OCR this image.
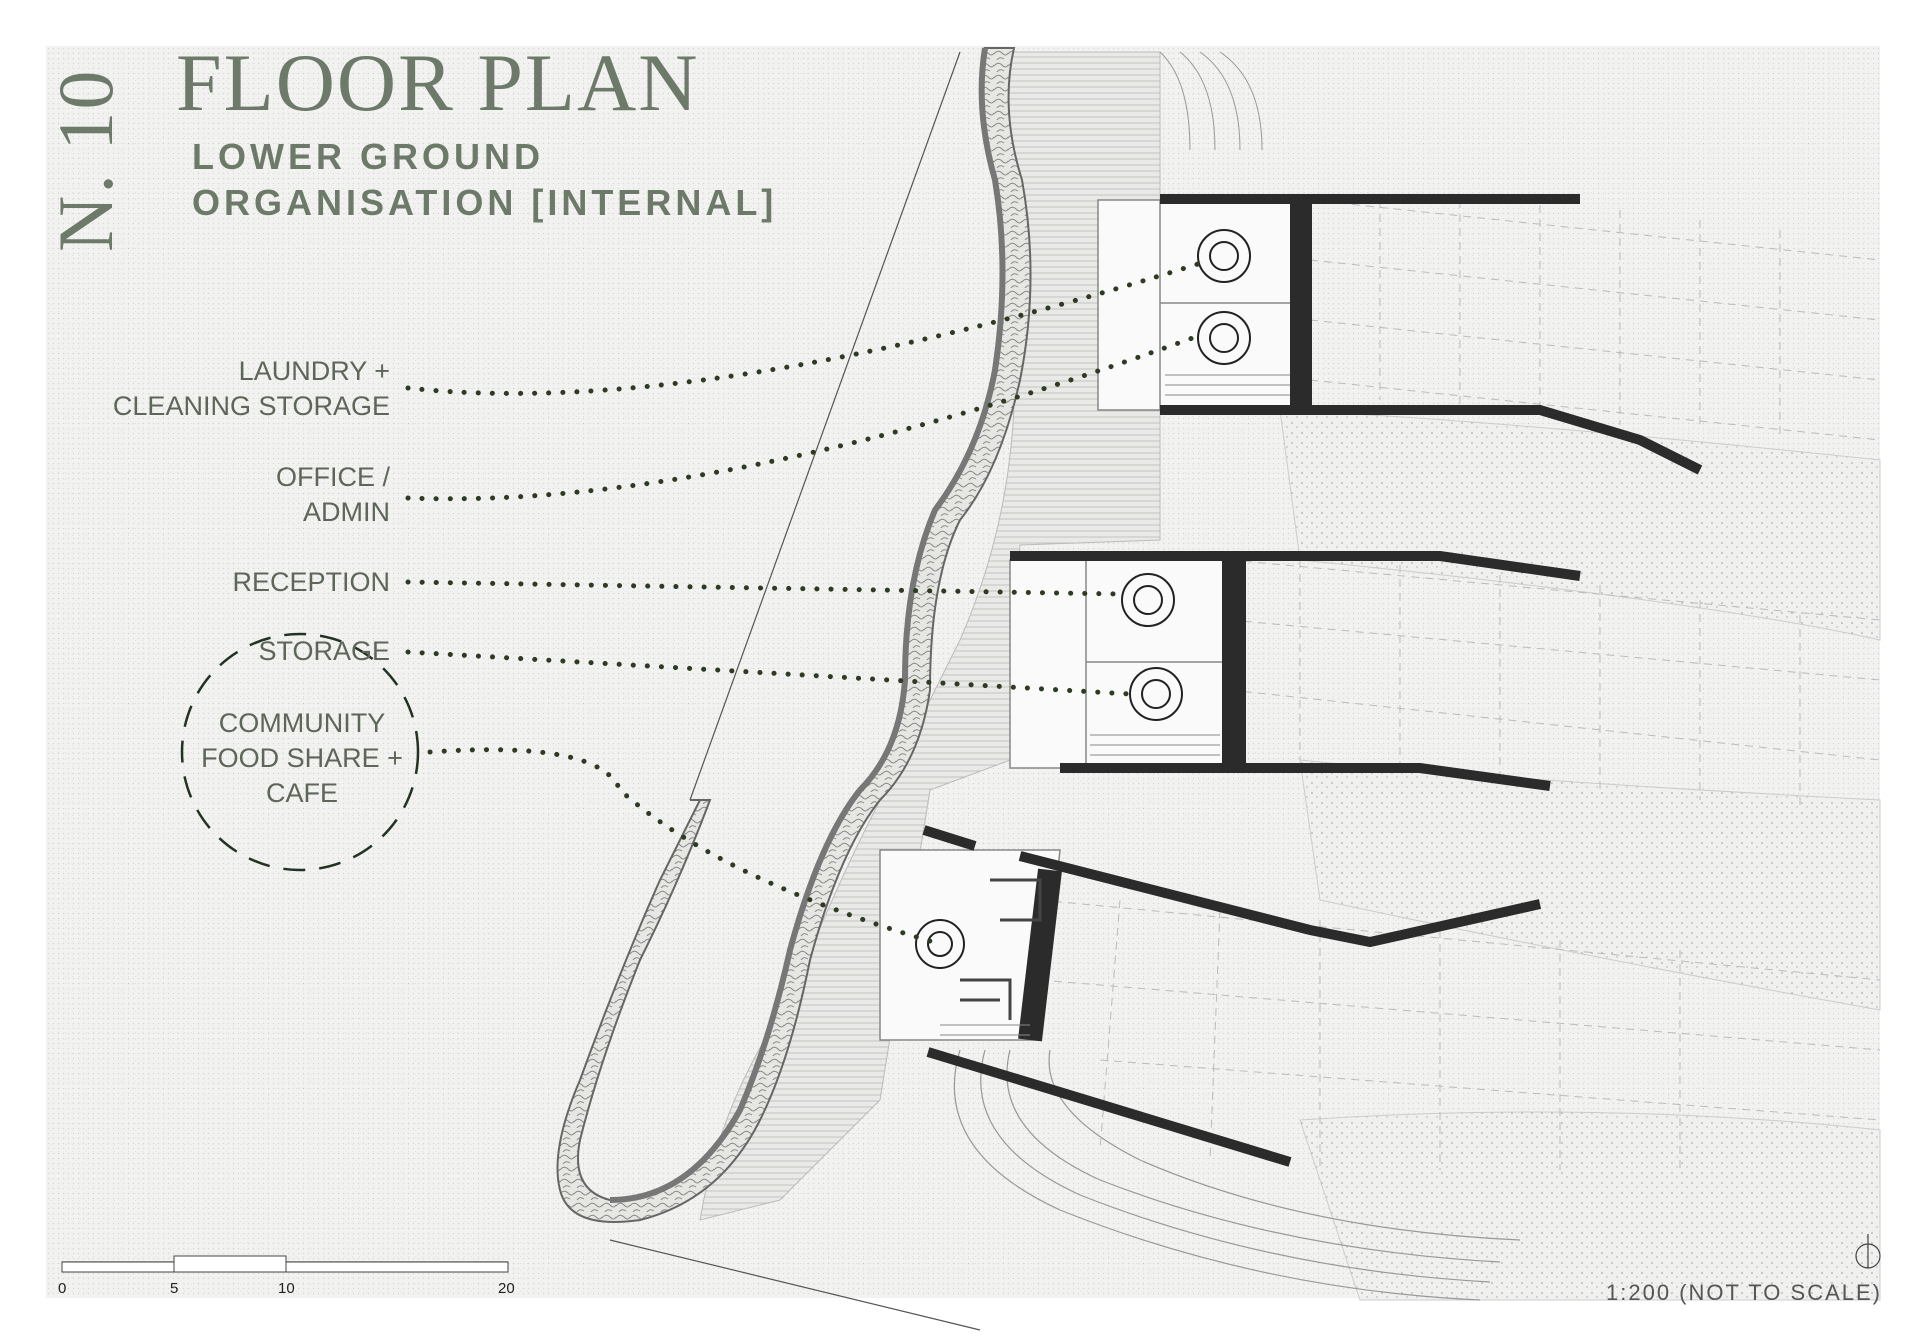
N. 10 FLOOR PLAN
LOWER GROUND
ORGANISATION [INTERNAL]

LAUNDRY +
CLEANING STORAGE

OFFICE /
ADMIN

RECEPTION

STORAGE

COMMUNITY
FOOD SHARE +
CAFE

0	5	10	20	1:200 (NOT TO SCALE)
